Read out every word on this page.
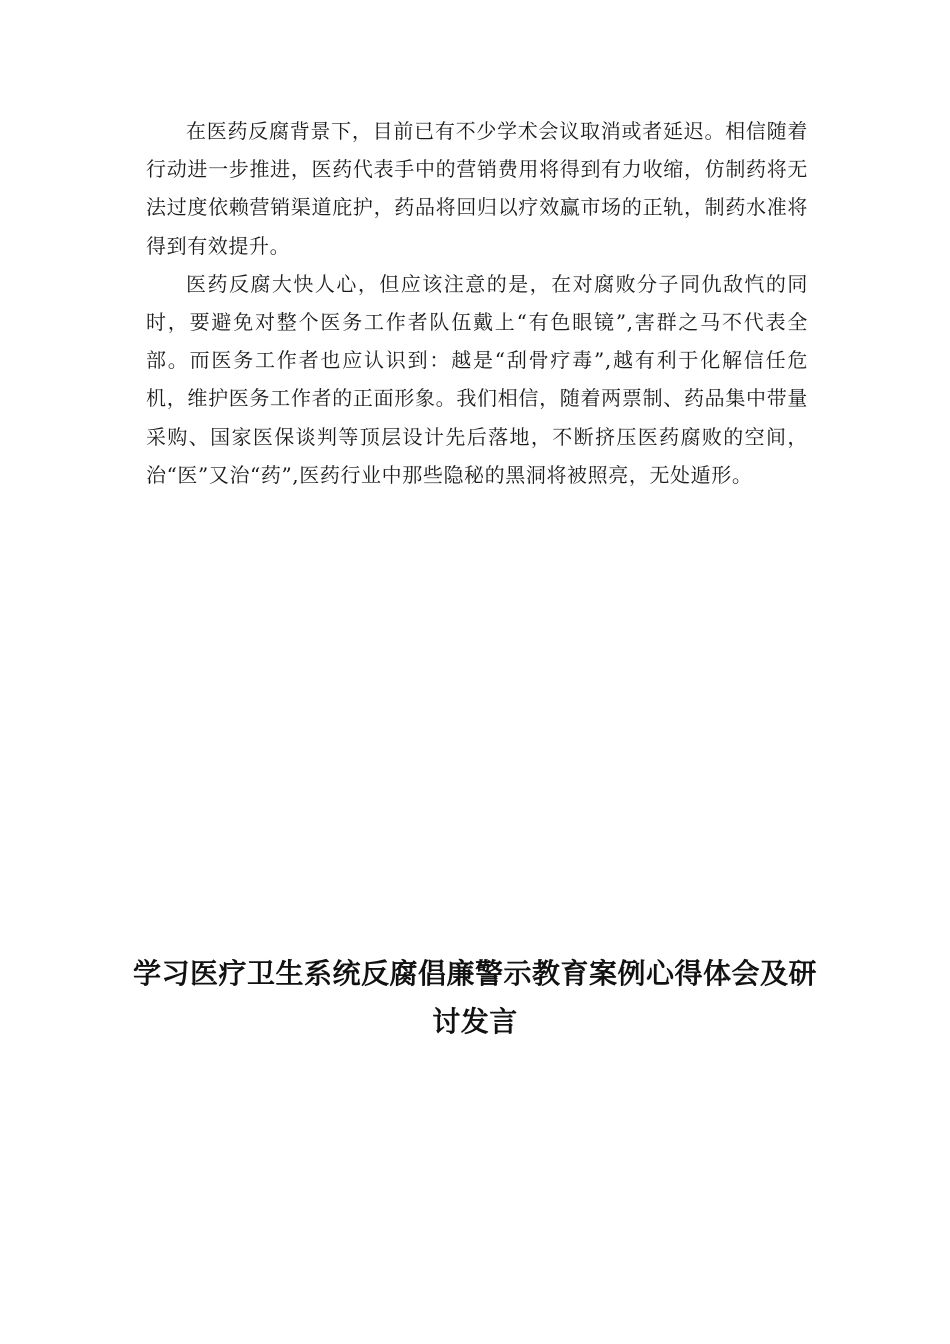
在医药反腐背景下，目前已有不少学术会议取消或者延迟。相信随着行动进一步推进，医药代表手中的营销费用将得到有力收缩，仿制药将无法过度依赖营销渠道庇护，药品将回归以疗效赢市场的正轨，制药水准将得到有效提升。

医药反腐大快人心，但应该注意的是，在对腐败分子同仇敌忾的同时，要避免对整个医务工作者队伍戴上“有色眼镜”,害群之马不代表全部。而医务工作者也应认识到：越是“刮骨疗毒”,越有利于化解信任危机，维护医务工作者的正面形象。我们相信，随着两票制、药品集中带量采购、国家医保谈判等顶层设计先后落地，不断挤压医药腐败的空间，治“医”又治“药”,医药行业中那些隐秘的黑洞将被照亮，无处遁形。

学习医疗卫生系统反腐倡廉警示教育案例心得体会及研讨发言
